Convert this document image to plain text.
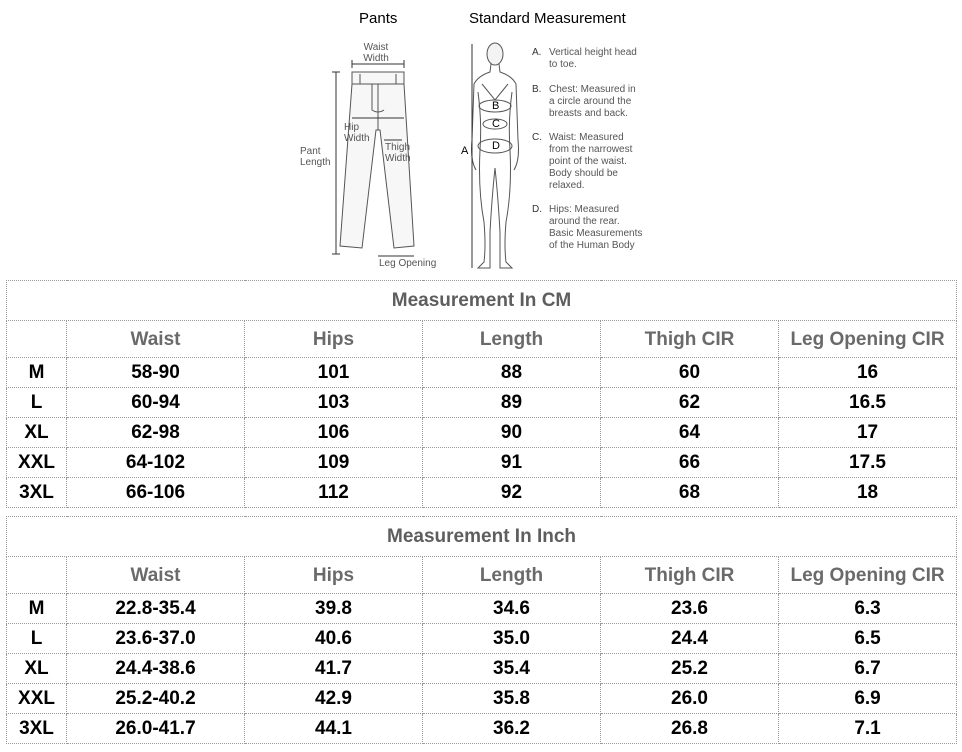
Pants	Standard Measurement
Waist
Width
Hip
Width
Pant
Length
Thigh
Width
Leg Opening
A
B
C
D
A. Vertical height head
to toe.
B. Chest: Measured in
a circle around the
breasts and back.
C. Waist: Measured
from the narrowest
point of the waist.
Body should be
relaxed.
D. Hips: Measured
around the rear.
Basic Measurements
of the Human Body
Measurement In CM					
	Waist	Hips	Length	Thigh CIR	Leg Opening CIR
M	58-90	101	88	60	16
L	60-94	103	89	62	16.5
XL	62-98	106	90	64	17
XXL	64-102	109	91	66	17.5
3XL	66-106	112	92	68	18
Measurement In Inch					
	Waist	Hips	Length	Thigh CIR	Leg Opening CIR
M	22.8-35.4	39.8	34.6	23.6	6.3
L	23.6-37.0	40.6	35.0	24.4	6.5
XL	24.4-38.6	41.7	35.4	25.2	6.7
XXL	25.2-40.2	42.9	35.8	26.0	6.9
3XL	26.0-41.7	44.1	36.2	26.8	7.1
